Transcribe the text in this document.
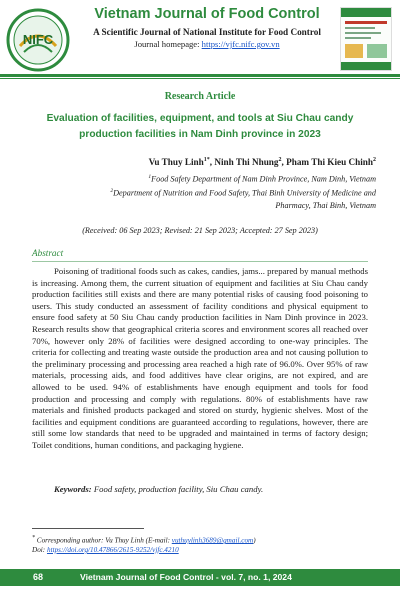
NIFC
Vietnam Journal of Food Control
A Scientific Journal of National Institute for Food Control
Journal homepage: https://vjfc.nifc.gov.vn
Research Article
Evaluation of facilities, equipment, and tools at Siu Chau candy production facilities in Nam Dinh province in 2023
Vu Thuy Linh$^{1*}$, Ninh Thi Nhung$^2$, Pham Thi Kieu Chinh$^2$
$^1$Food Safety Department of Nam Dinh Province, Nam Dinh, Vietnam
$^2$Department of Nutrition and Food Safety, Thai Binh University of Medicine and Pharmacy, Thai Binh, Vietnam
(Received: 06 Sep 2023; Revised: 21 Sep 2023; Accepted: 27 Sep 2023)
Abstract

Poisoning of traditional foods such as cakes, candies, jams... prepared by manual methods is increasing. Among them, the current situation of equipment and facilities at Siu Chau candy production facilities still exists and there are many potential risks of causing food poisoning to users. This study conducted an assessment of facility conditions and physical equipment to ensure food safety at 50 Siu Chau candy production facilities in Nam Dinh province in 2023. Research results show that geographical criteria scores and environment scores all reached over 70%, however only 28% of facilities were designed according to one-way principles. The criteria for collecting and treating waste outside the production area and not causing pollution to the preliminary processing and processing area reached a high rate of 96.0%. Over 95% of raw materials, processing aids, and food additives have clear origins, are not expired, and are allowed to be used. 94% of establishments have enough equipment and tools for food production and processing and comply with regulations. 80% of establishments have raw materials and finished products packaged and stored on sturdy, hygienic shelves. Most of the facilities and equipment conditions are guaranteed according to regulations, however, there are still some low standards that need to be upgraded and maintained in terms of factory design; Toilet conditions, human conditions, and packaging hygiene.

Keywords: Food safety, production facility, Siu Chau candy.
* Corresponding author: Vu Thuy Linh (E-mail: vuthuylinh3689@gmail.com)
Doi: https://doi.org/10.47866/2615-9252/vjfc.4210
68	Vietnam Journal of Food Control - vol. 7, no. 1, 2024
